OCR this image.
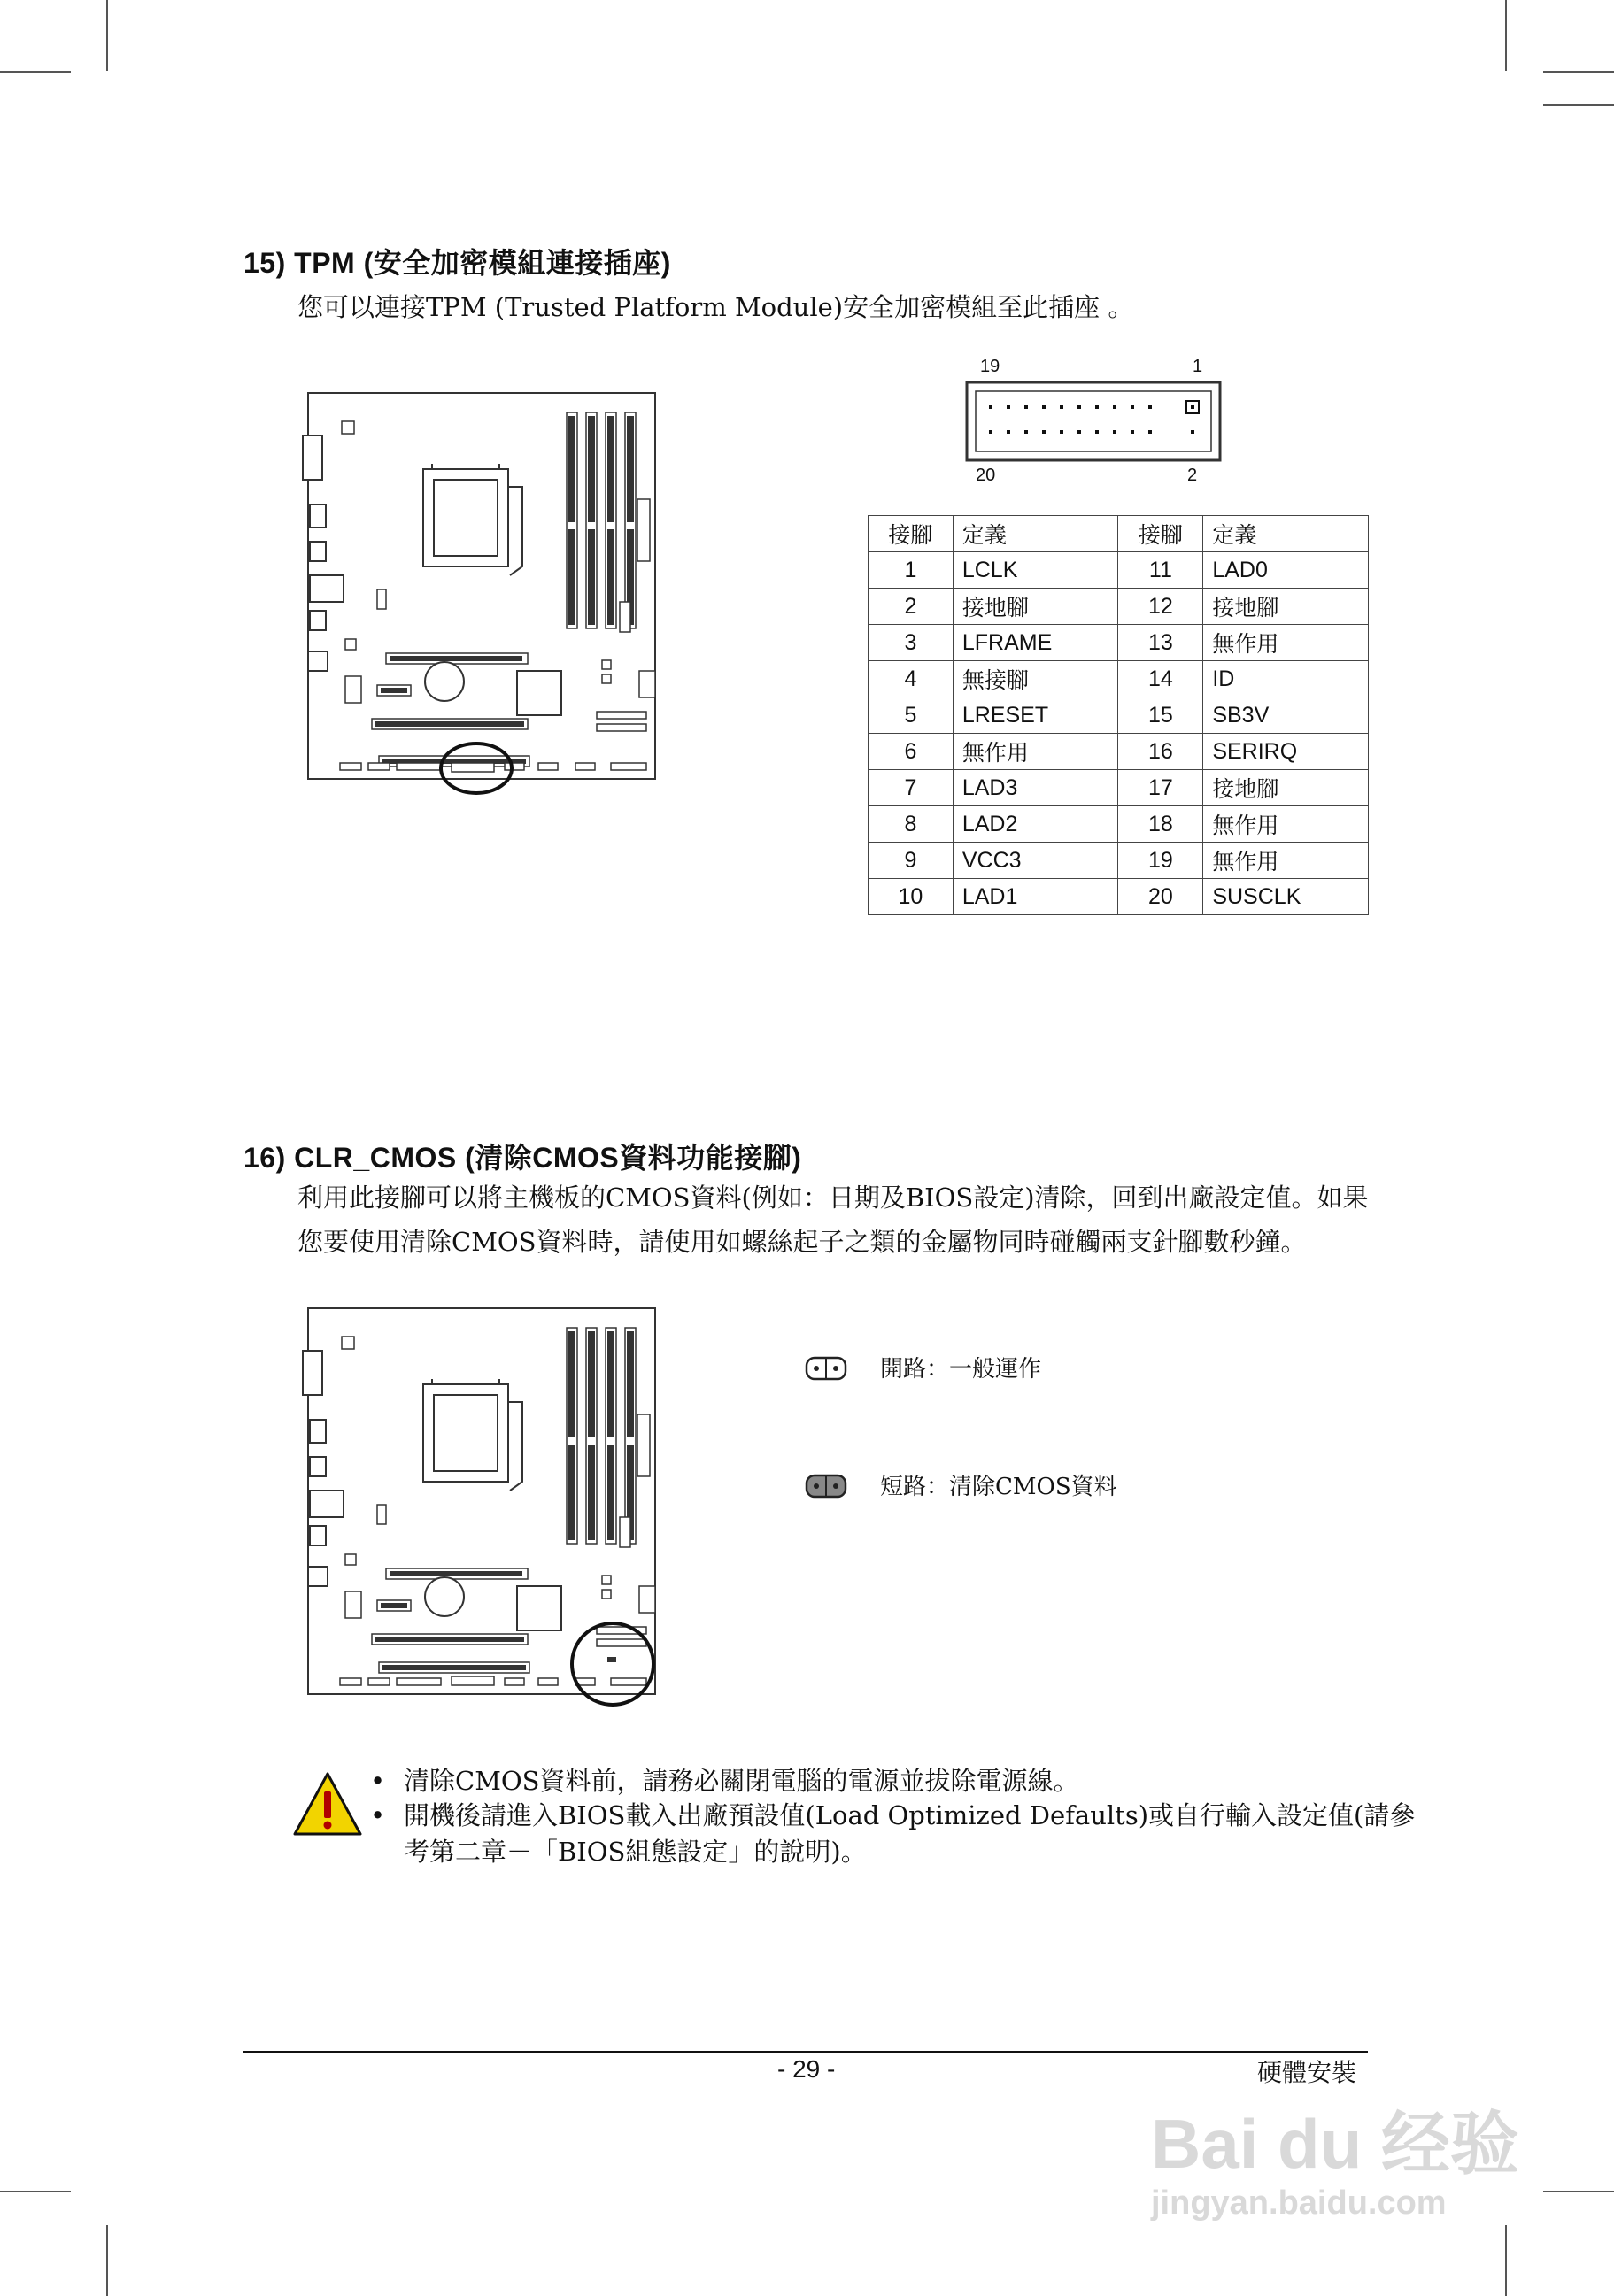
15) TPM (安全加密模組連接插座)
您可以連接TPM (Trusted Platform Module)安全加密模組至此插座 。
19	1
20	2
接腳	定義	接腳	定義
1	LCLK	11	LAD0
2	接地腳	12	接地腳
3	LFRAME	13	無作用
4	無接腳	14	ID
5	LRESET	15	SB3V
6	無作用	16	SERIRQ
7	LAD3	17	接地腳
8	LAD2	18	無作用
9	VCC3	19	無作用
10	LAD1	20	SUSCLK
16) CLR_CMOS (清除CMOS資料功能接腳)
利用此接腳可以將主機板的CMOS資料(例如：日期及BIOS設定)清除，回到出廠設定值。如果
您要使用清除CMOS資料時，請使用如螺絲起子之類的金屬物同時碰觸兩支針腳數秒鐘。
開路：一般運作
短路：清除CMOS資料
• 清除CMOS資料前，請務必關閉電腦的電源並拔除電源線。
• 開機後請進入BIOS載入出廠預設值(Load Optimized Defaults)或自行輸入設定值(請參
考第二章－「BIOS組態設定」的說明)。
- 29 -	硬體安裝
Bai du 经验
jingyan.baidu.com
